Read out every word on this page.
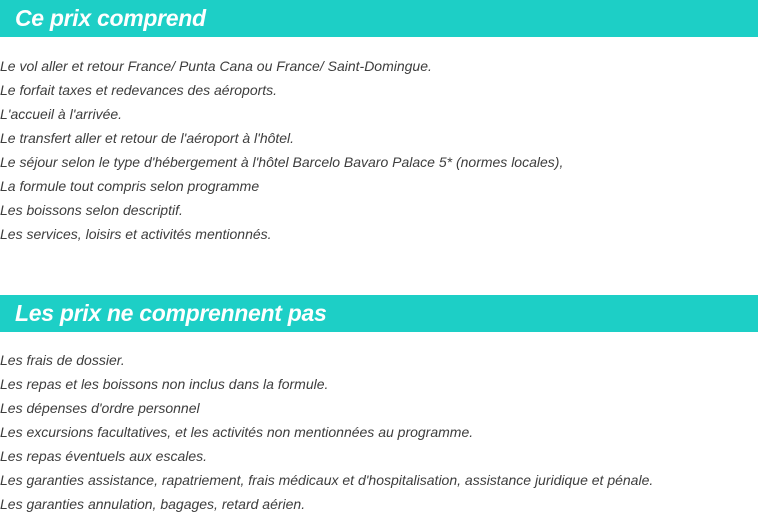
Ce prix comprend
Le vol aller et retour France/ Punta Cana ou France/ Saint-Domingue.
Le forfait taxes et redevances des aéroports.
L'accueil à l'arrivée.
Le transfert aller et retour de l'aéroport à l'hôtel.
Le séjour selon le type d'hébergement à l'hôtel Barcelo Bavaro Palace 5* (normes locales),
La formule tout compris selon programme
Les boissons selon descriptif.
Les services, loisirs et activités mentionnés.
Les prix ne comprennent pas
Les frais de dossier.
Les repas et les boissons non inclus dans la formule.
Les dépenses d'ordre personnel
Les excursions facultatives, et les activités non mentionnées au programme.
Les repas éventuels aux escales.
Les garanties assistance, rapatriement, frais médicaux et d'hospitalisation, assistance juridique et pénale.
Les garanties annulation, bagages, retard aérien.
